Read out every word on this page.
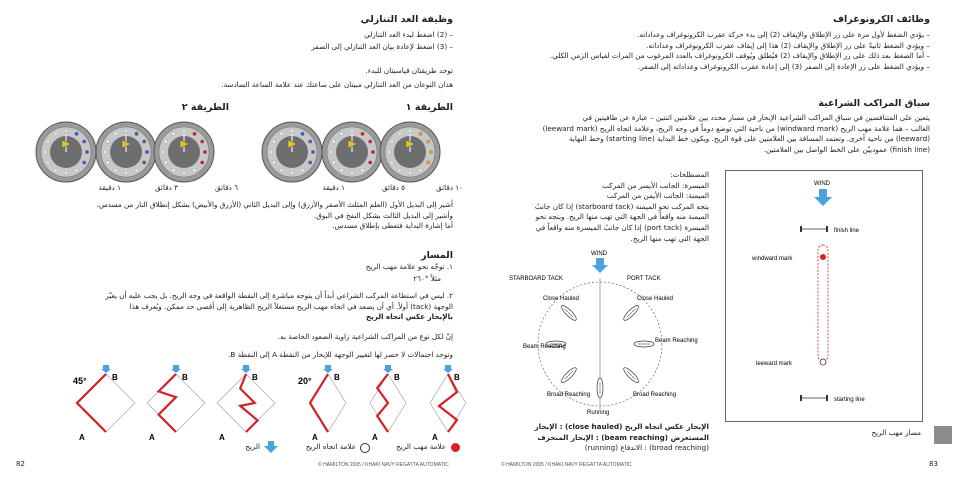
وظيفة العد التنازلي
– (2) اضغط لبدء العد التنازلي
– (3) اضغط لإعادة بيان العد التنازلي إلى الصفر
توجد طريقتان قياسيتان للبدء.
هذان النوعان من العد التنازلي مبينان على ساعتك عند علامة الساعة السادسة.
الطريقة ١
الطريقة ٢
١٠ دقائق
٥ دقائق
١ دقيقة
٦ دقائق
٣ دقائق
١ دقيقة
أشير إلى البديل الأول (العلم المثلث الأصفر والأزرق) وإلى البديل الثاني (الأزرق والأبيض) بشكل إنطلاق النار من مسدس،
وأشير إلى البديل الثالث بشكل النفخ في البوق.
أما إشارة البداية فتعطى بإطلاق مسدس.
المسار
١. توجّه نحو علامة مهب الريح
مثلاً °٢٦٠
٢. ليس في استطاعة المركب الشراعي أبداً أن يتوجه مباشرة إلى النقطة الواقعة في وجه الريح. بل يجب عليه أن يغيّر
الوجهة (tack) أولاً. أي أن يصعد في اتجاه مهب الريح مستغلاً الريح الظاهرية إلى أقصى حد ممكن. ويُعرف هذا
بالإبحار عكس اتجاه الريح
إنّ لكل نوع من المراكب الشراعية زاوية الصعود الخاصة به.
وتوجد احتمالات لا حصر لها لتغيير الوجهة للإبحار من النقطة A إلى النقطة B.
A
B
A
B
A
B
A
B
A
B
A
B
45°	20°
علامة مهب الريح
علامة اتجاه الريح
الريح
82	© HAMILTON 2005 / KHAKI NAVY REGATTA AUTOMATIC
وظائف الكرونوغراف
– يؤدي الضغط لأول مرة على زر الإطلاق والإيقاف (2) إلى بدء حركة عقرب الكرونوغراف وعداداته.
– ويؤدي الضغط ثانيةً على زر الإطلاق والإيقاف (2) هذا إلى إيقاف عقرب الكرونوغراف وعداداته.
– أما الضغط بعد ذلك على زر الإطلاق والإيقاف (2) فيُطلق ويُوقف الكرونوغراف بالعدد المرغوب من المرات لقياس الزمن الكلي.
– ويؤدي الضغط على زر الإعادة إلى الصفر (3) إلى إعادة عقرب الكرونوغراف وعداداته إلى الصفر.
سباق المراكب الشراعية
يتعين على المتنافسين في سباق المراكب الشراعية الإبحار في مسار محدد بين علامتين اثنتين – عبارة عن طافيتين في
الغالب – هما علامة مهب الريح (windward mark) من ناحية التي توضع دوماً في وجه الريح، وعلامة اتجاه الريح (leeward mark)
(leeward) من ناحية أخرى. وتعتمد المسافة بين العلامتين على قوة الريح. ويكون خط البداية (starting line) وخط النهاية
(finish line) عمودييّن على الخط الواصل بين العلامتين.
المصطلحات:
الميسرة: الجانب الأيسر من المركب
الميمنة: الجانب الأيمن من المركب
يتجه المركب نحو الميمنة (starboard tack) إذا كان جانبُ
الميمنة منه واقعاً في الجهة التي تهب منها الريح. ويتجه نحو
الميسرة (port tack) إذا كان جانبُ الميسرة منه واقعاً في
الجهة التي تهب منها الريح.
WIND
STARBOARD TACK	PORT TACK
Close Hauled	Close Hauled
Beam Reaching
Beam Reaching
Broad Reaching	Broad Reaching
Running
الإبحار عكس اتجاه الريح (close hauled) : الإبحار
المستعرض (beam reaching) : الإبحار المنحرف
(broad reaching) : الاندفاع (running)
WIND
finish line
windward mark
leeward mark
starting line
مسار مهب الريح
© HAMILTON 2005 / KHAKI NAVY REGATTA AUTOMATIC	83
